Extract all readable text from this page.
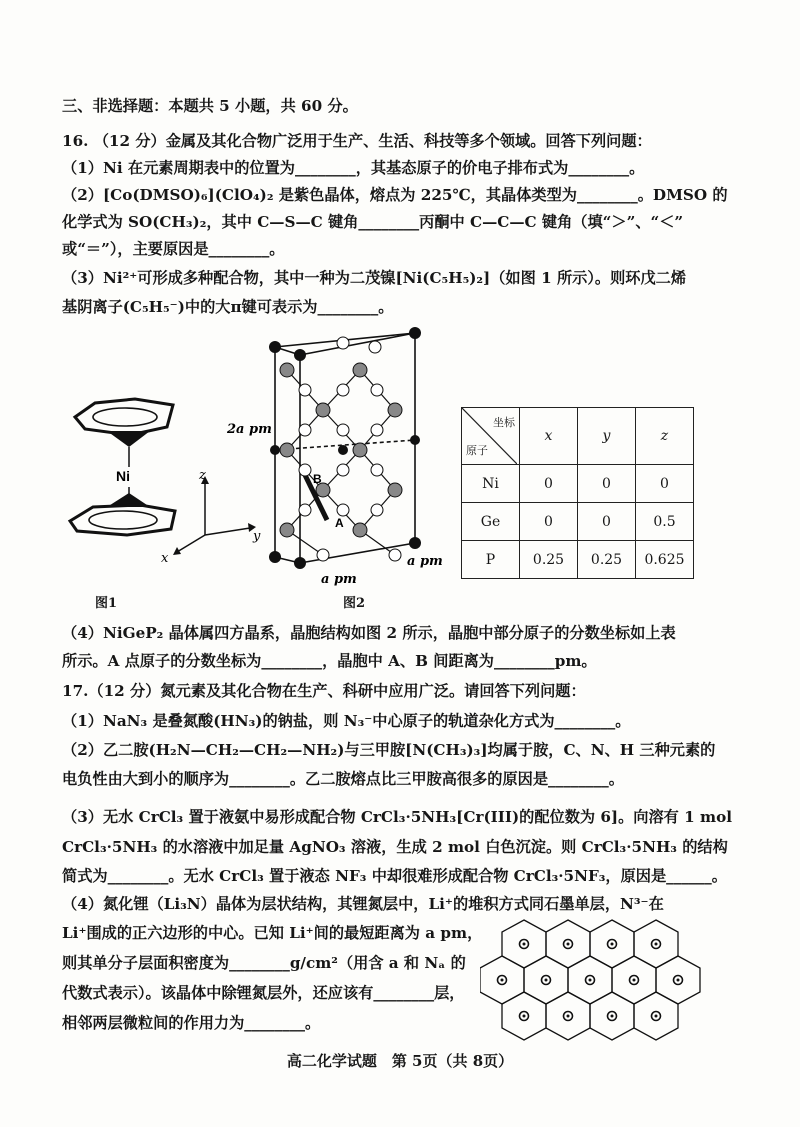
三、非选择题：本题共 5 小题，共 60 分。
16. （12 分）金属及其化合物广泛用于生产、生活、科技等多个领域。回答下列问题：
（1）Ni 在元素周期表中的位置为________，其基态原子的价电子排布式为________。
（2）[Co(DMSO)₆](ClO₄)₂ 是紫色晶体，熔点为 225℃，其晶体类型为________。DMSO 的
化学式为 SO(CH₃)₂，其中 C—S—C 键角________丙酮中 C—C—C 键角（填“＞”、“＜”
或“＝”），主要原因是________。
（3）Ni²⁺可形成多种配合物，其中一种为二茂镍[Ni(C₅H₅)₂]（如图 1 所示）。则环戊二烯
基阴离子(C₅H₅⁻)中的大π键可表示为________。
Ni	z
y
x
图1
B
A
2a pm
a pm
a pm
图2
坐标
原子	x	y	z
Ni	0	0	0
Ge	0	0	0.5
P	0.25	0.25	0.625
（4）NiGeP₂ 晶体属四方晶系，晶胞结构如图 2 所示，晶胞中部分原子的分数坐标如上表
所示。A 点原子的分数坐标为________，晶胞中 A、B 间距离为________pm。
17.（12 分）氮元素及其化合物在生产、科研中应用广泛。请回答下列问题：
（1）NaN₃ 是叠氮酸(HN₃)的钠盐，则 N₃⁻中心原子的轨道杂化方式为________。
（2）乙二胺(H₂N—CH₂—CH₂—NH₂)与三甲胺[N(CH₃)₃]均属于胺，C、N、H 三种元素的
电负性由大到小的顺序为________。乙二胺熔点比三甲胺高很多的原因是________。
（3）无水 CrCl₃ 置于液氨中易形成配合物 CrCl₃·5NH₃[Cr(III)的配位数为 6]。向溶有 1 mol
CrCl₃·5NH₃ 的水溶液中加足量 AgNO₃ 溶液，生成 2 mol 白色沉淀。则 CrCl₃·5NH₃ 的结构
简式为________。无水 CrCl₃ 置于液态 NF₃ 中却很难形成配合物 CrCl₃·5NF₃，原因是______。
（4）氮化锂（Li₃N）晶体为层状结构，其锂氮层中，Li⁺的堆积方式同石墨单层，N³⁻在
Li⁺围成的正六边形的中心。已知 Li⁺间的最短距离为 a pm，
则其单分子层面积密度为________g/cm²（用含 a 和 Nₐ 的
代数式表示）。该晶体中除锂氮层外，还应该有________层，
相邻两层微粒间的作用力为________。
高二化学试题　第 5页（共 8页）
